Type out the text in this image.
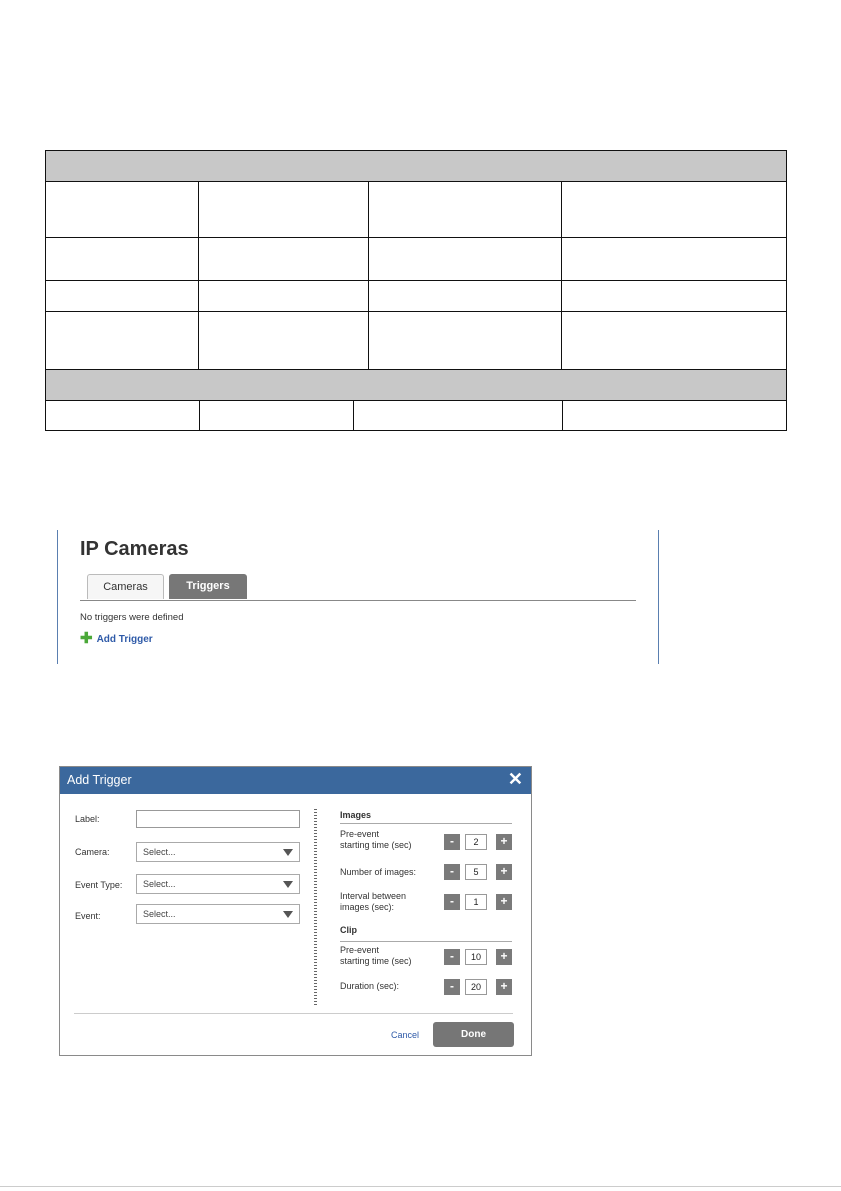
IP Cameras
Cameras	Triggers
No triggers were defined
✚ Add Trigger
Add Trigger	✕
Label:
Camera:	Select...
Event Type:	Select...
Event:	Select...
Images
Pre-event
starting time (sec)	-	2	+
Number of images:	-	5	+
Interval between
images (sec):	-	1	+
Clip
Pre-event
starting time (sec)	-	10	+
Duration (sec):	-	20	+
Cancel	Done
